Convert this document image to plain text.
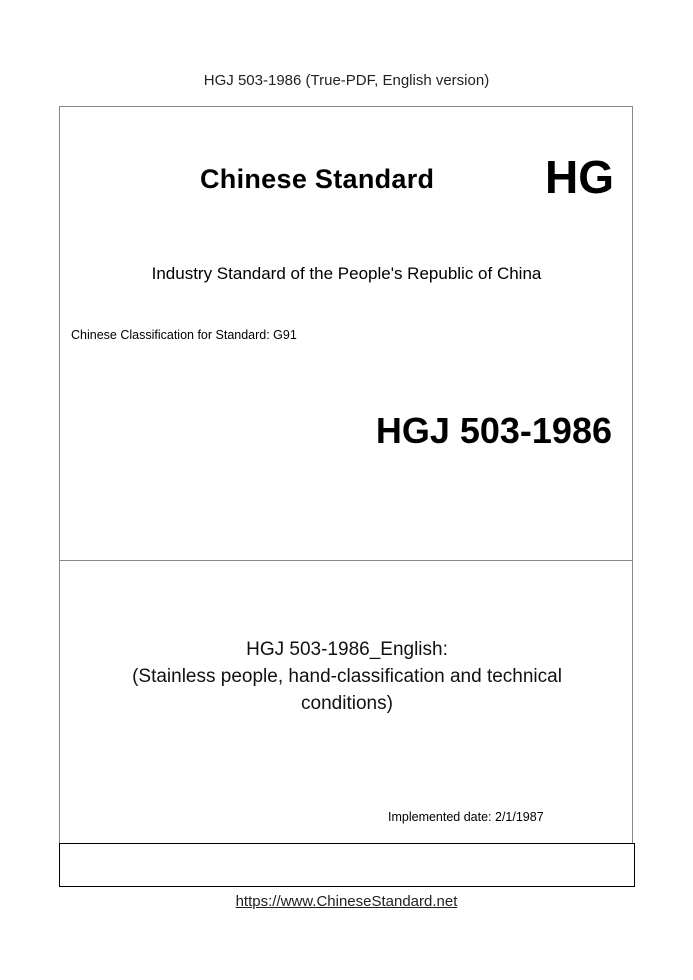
HGJ 503-1986 (True-PDF, English version)
Chinese Standard HG
Industry Standard of the People's Republic of China
Chinese Classification for Standard: G91
HGJ 503-1986
HGJ 503-1986_English:
(Stainless people, hand-classification and technical
conditions)
Implemented date: 2/1/1987
https://www.ChineseStandard.net
